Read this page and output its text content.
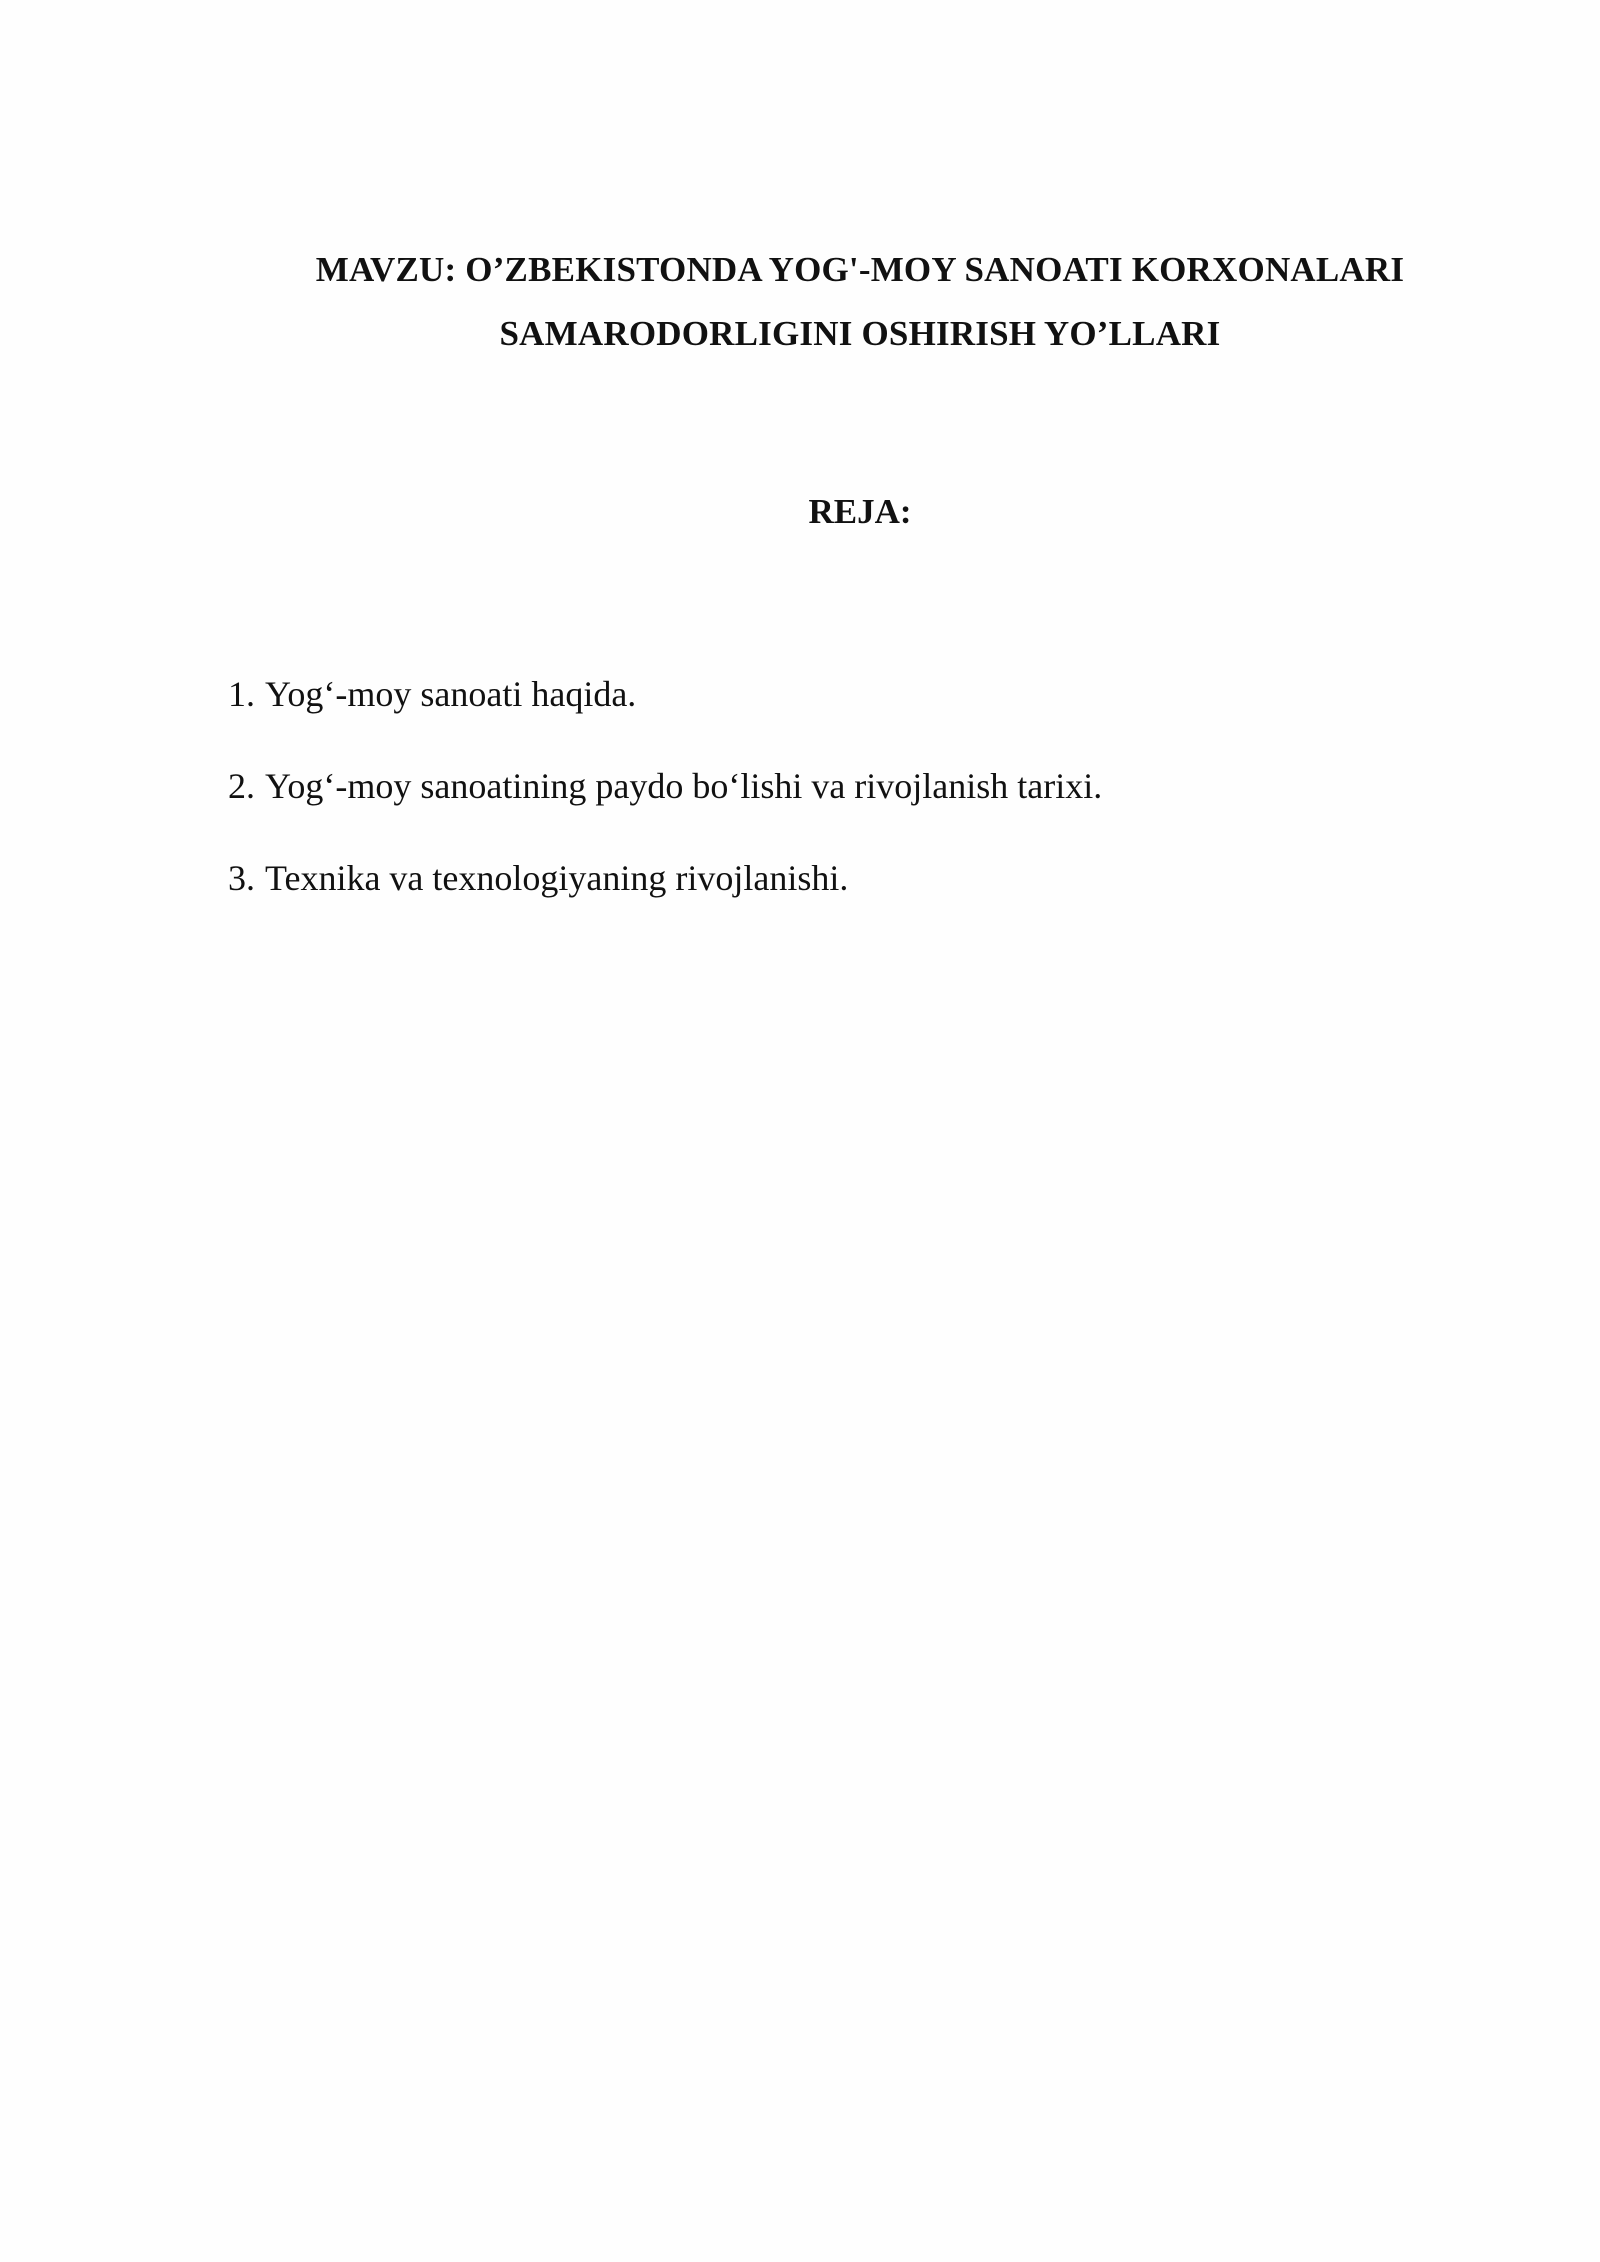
MAVZU: O’ZBEKISTONDA YOG'-MOY SANOATI KORXONALARI
SAMARODORLIGINI OSHIRISH YO’LLARI
REJA:
1. Yog‘-moy sanoati haqida.
2. Yog‘-moy sanoatining paydo bo‘lishi va rivojlanish tarixi.
3. Texnika va texnologiyaning rivojlanishi.
